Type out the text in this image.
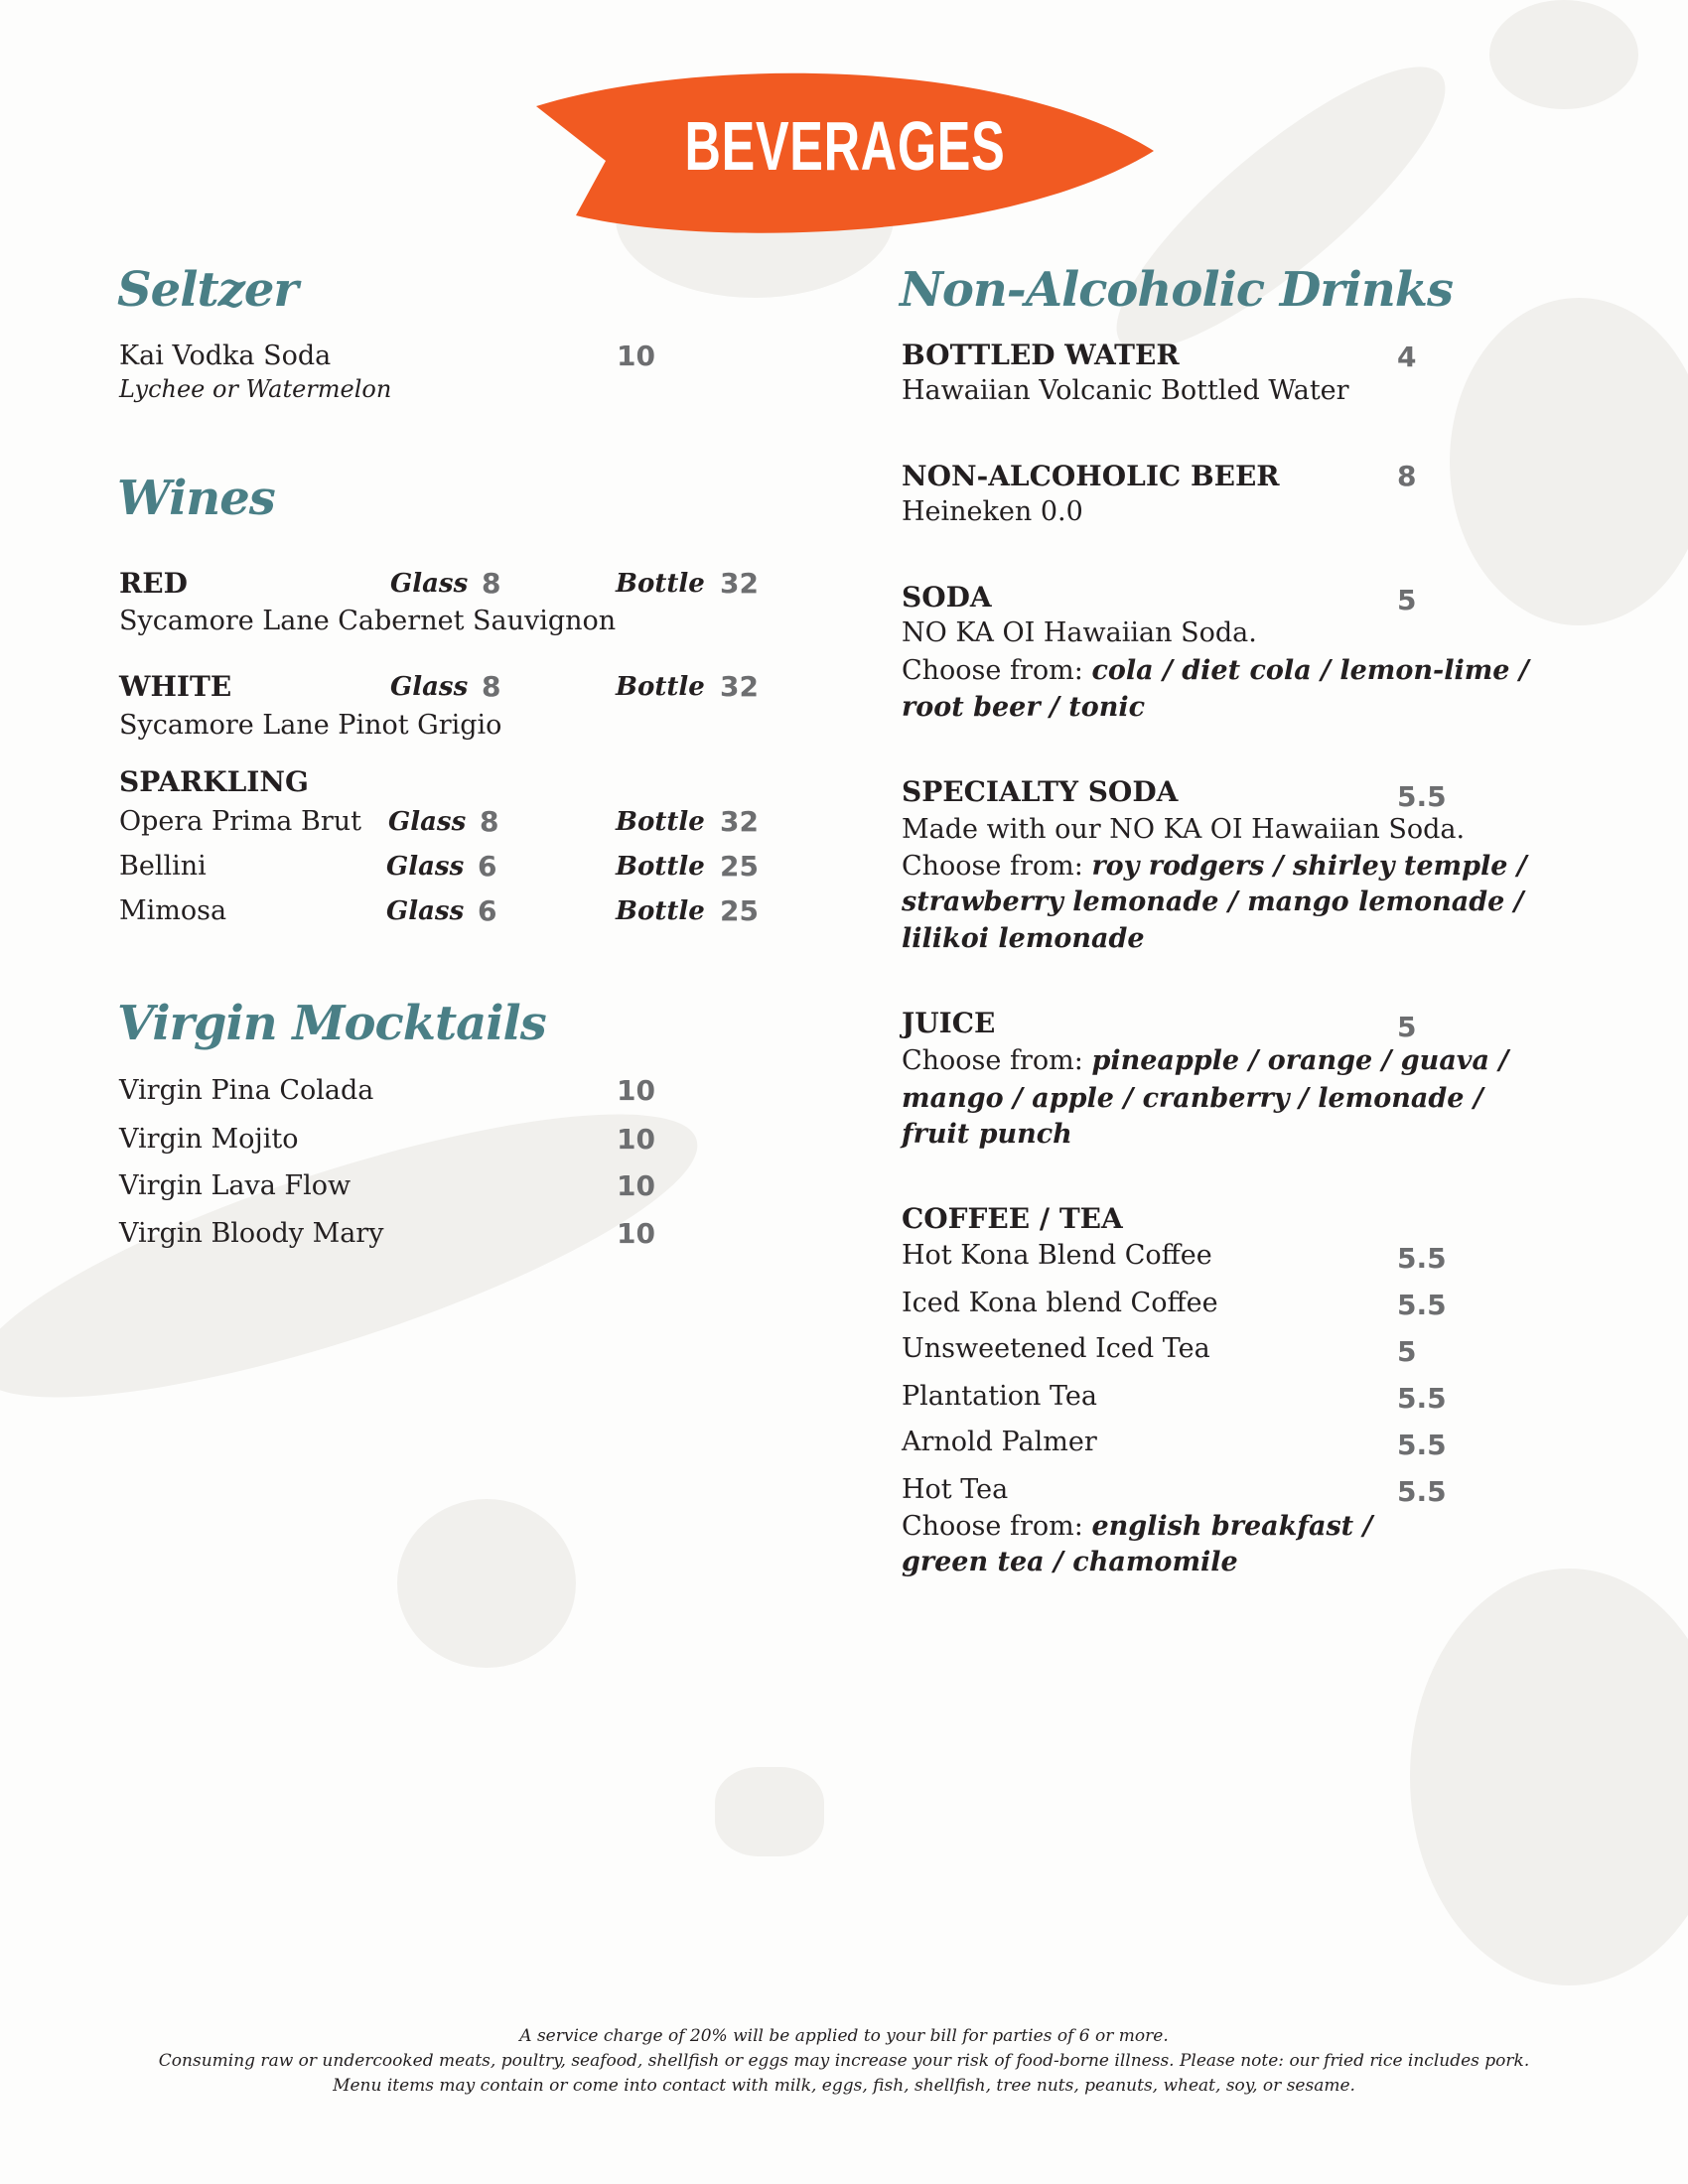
BEVERAGES
Seltzer
Kai Vodka Soda	10
Lychee or Watermelon
Wines
RED	Glass 8	Bottle 32
Sycamore Lane Cabernet Sauvignon
WHITE	Glass 8	Bottle 32
Sycamore Lane Pinot Grigio
SPARKLING
Opera Prima Brut Glass 8	Bottle 32
Bellini	Glass 6	Bottle 25
Mimosa	Glass 6	Bottle 25
Virgin Mocktails
Virgin Pina Colada	10
Virgin Mojito	10
Virgin Lava Flow	10
Virgin Bloody Mary	10
Non-Alcoholic Drinks
BOTTLED WATER	4
Hawaiian Volcanic Bottled Water
NON-ALCOHOLIC BEER	8
Heineken 0.0
SODA	5
NO KA OI Hawaiian Soda.
Choose from: cola / diet cola / lemon-lime /
root beer / tonic
SPECIALTY SODA	5.5
Made with our NO KA OI Hawaiian Soda.
Choose from: roy rodgers / shirley temple /
strawberry lemonade / mango lemonade /
lilikoi lemonade
JUICE	5
Choose from: pineapple / orange / guava /
mango / apple / cranberry / lemonade /
fruit punch
COFFEE / TEA
Hot Kona Blend Coffee	5.5
Iced Kona blend Coffee	5.5
Unsweetened Iced Tea	5
Plantation Tea	5.5
Arnold Palmer	5.5
Hot Tea	5.5
Choose from: english breakfast /
green tea / chamomile
A service charge of 20% will be applied to your bill for parties of 6 or more.
Consuming raw or undercooked meats, poultry, seafood, shellfish or eggs may increase your risk of food-borne illness. Please note: our fried rice includes pork.
Menu items may contain or come into contact with milk, eggs, fish, shellfish, tree nuts, peanuts, wheat, soy, or sesame.
